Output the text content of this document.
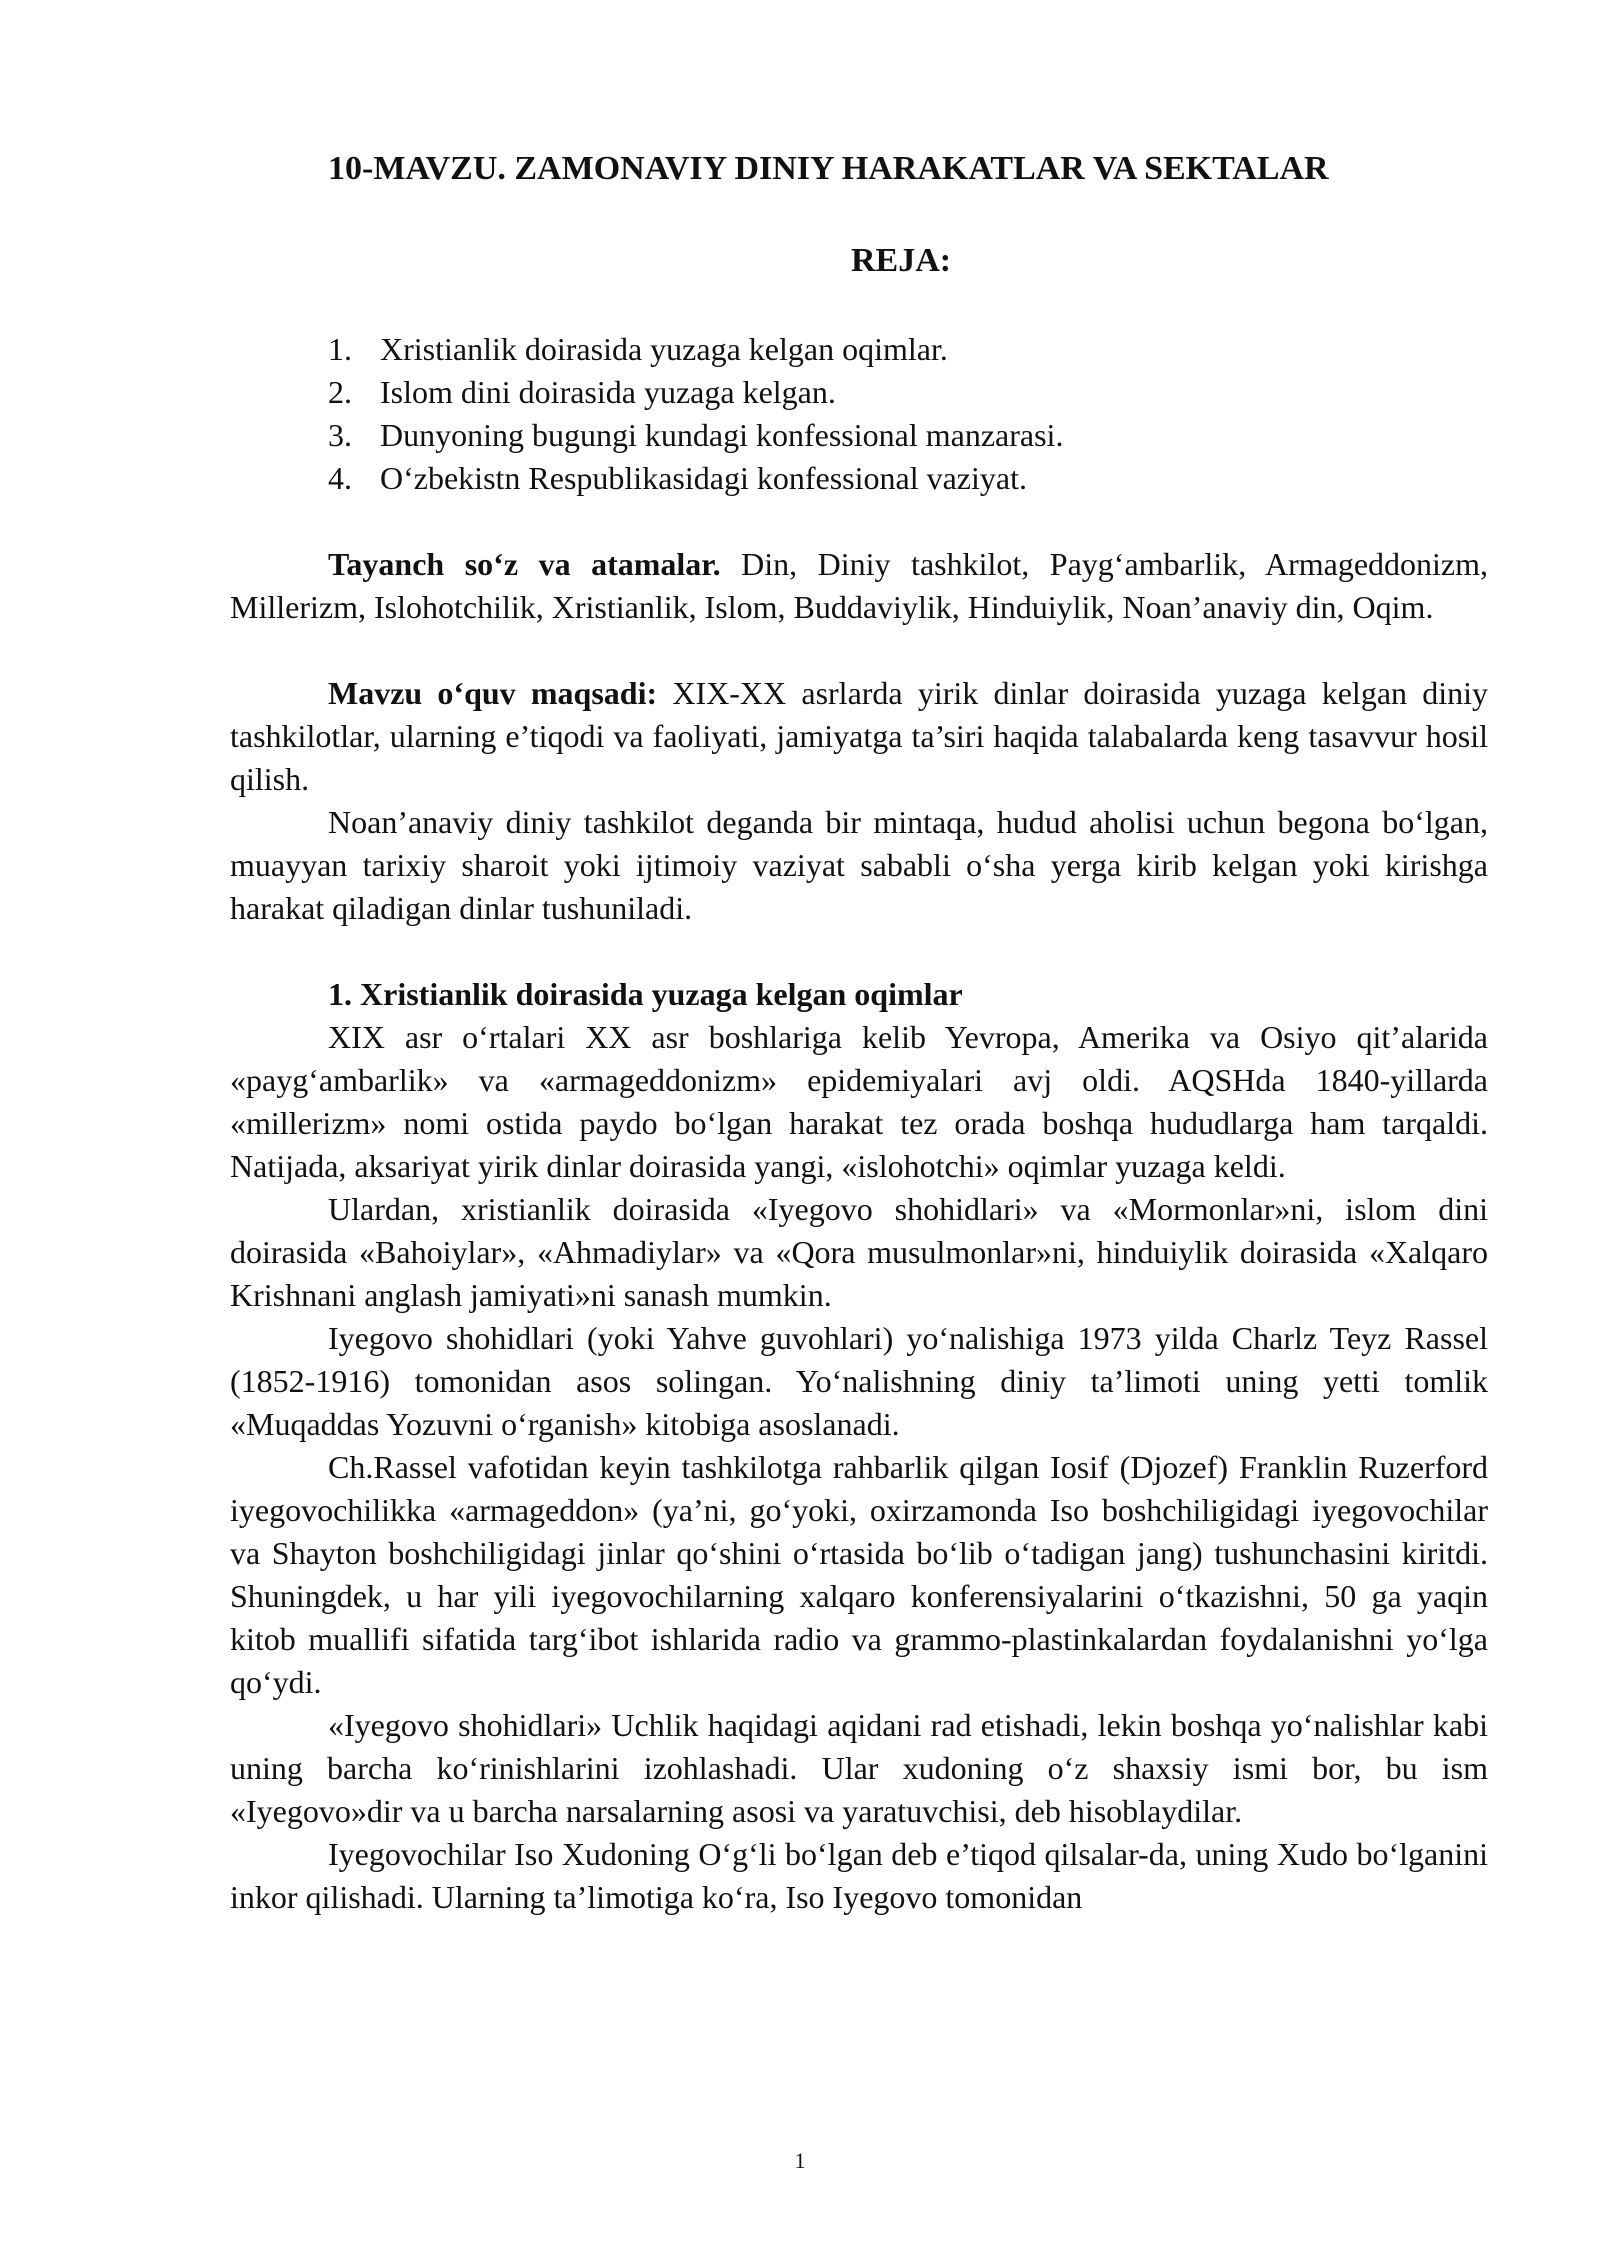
10-MAVZU. ZAMONAVIY DINIY HARAKATLAR VA SEKTALAR
REJA:
1. Xristianlik doirasida yuzaga kelgan oqimlar.
2. Islom dini doirasida yuzaga kelgan.
3. Dunyoning bugungi kundagi konfessional manzarasi.
4. O‘zbekistn Respublikasidagi konfessional vaziyat.

Tayanch so‘z va atamalar. Din, Diniy tashkilot, Payg‘ambarlik, Armageddonizm, Millerizm, Islohotchilik, Xristianlik, Islom, Buddaviylik, Hinduiylik, Noan’anaviy din, Oqim.

Mavzu o‘quv maqsadi: XIX-XX asrlarda yirik dinlar doirasida yuzaga kelgan diniy tashkilotlar, ularning e’tiqodi va faoliyati, jamiyatga ta’siri haqida talabalarda keng tasavvur hosil qilish.

Noan’anaviy diniy tashkilot deganda bir mintaqa, hudud aholisi uchun begona bo‘lgan, muayyan tarixiy sharoit yoki ijtimoiy vaziyat sababli o‘sha yerga kirib kelgan yoki kirishga harakat qiladigan dinlar tushuniladi.

1. Xristianlik doirasida yuzaga kelgan oqimlar

XIX asr o‘rtalari XX asr boshlariga kelib Yevropa, Amerika va Osiyo qit’alarida «payg‘ambarlik» va «armageddonizm» epidemiyalari avj oldi. AQSHda 1840-yillarda «millerizm» nomi ostida paydo bo‘lgan harakat tez orada boshqa hududlarga ham tarqaldi. Natijada, aksariyat yirik dinlar doirasida yangi, «islohotchi» oqimlar yuzaga keldi.

Ulardan, xristianlik doirasida «Iyegovo shohidlari» va «Mormonlar»ni, islom dini doirasida «Bahoiylar», «Ahmadiylar» va «Qora musulmonlar»ni, hinduiylik doirasida «Xalqaro Krishnani anglash jamiyati»ni sanash mumkin.

Iyegovo shohidlari (yoki Yahve guvohlari) yo‘nalishiga 1973 yilda Charlz Teyz Rassel (1852-1916) tomonidan asos solingan. Yo‘nalishning diniy ta’limoti uning yetti tomlik «Muqaddas Yozuvni o‘rganish» kitobiga asoslanadi.

Ch.Rassel vafotidan keyin tashkilotga rahbarlik qilgan Iosif (Djozef) Franklin Ruzerford iyegovochilikka «armageddon» (ya’ni, go‘yoki, oxirzamonda Iso boshchiligidagi iyegovochilar va Shayton boshchiligidagi jinlar qo‘shini o‘rtasida bo‘lib o‘tadigan jang) tushunchasini kiritdi. Shuningdek, u har yili iyegovochilarning xalqaro konferensiyalarini o‘tkazishni, 50 ga yaqin kitob muallifi sifatida targ‘ibot ishlarida radio va grammo-plastinkalardan foydalanishni yo‘lga qo‘ydi.

«Iyegovo shohidlari» Uchlik haqidagi aqidani rad etishadi, lekin boshqa yo‘nalishlar kabi uning barcha ko‘rinishlarini izohlashadi. Ular xudoning o‘z shaxsiy ismi bor, bu ism «Iyegovo»dir va u barcha narsalarning asosi va yaratuvchisi, deb hisoblaydilar.

Iyegovochilar Iso Xudoning O‘g‘li bo‘lgan deb e’tiqod qilsalar-da, uning Xudo bo‘lganini inkor qilishadi. Ularning ta’limotiga ko‘ra, Iso Iyegovo tomonidan

1
